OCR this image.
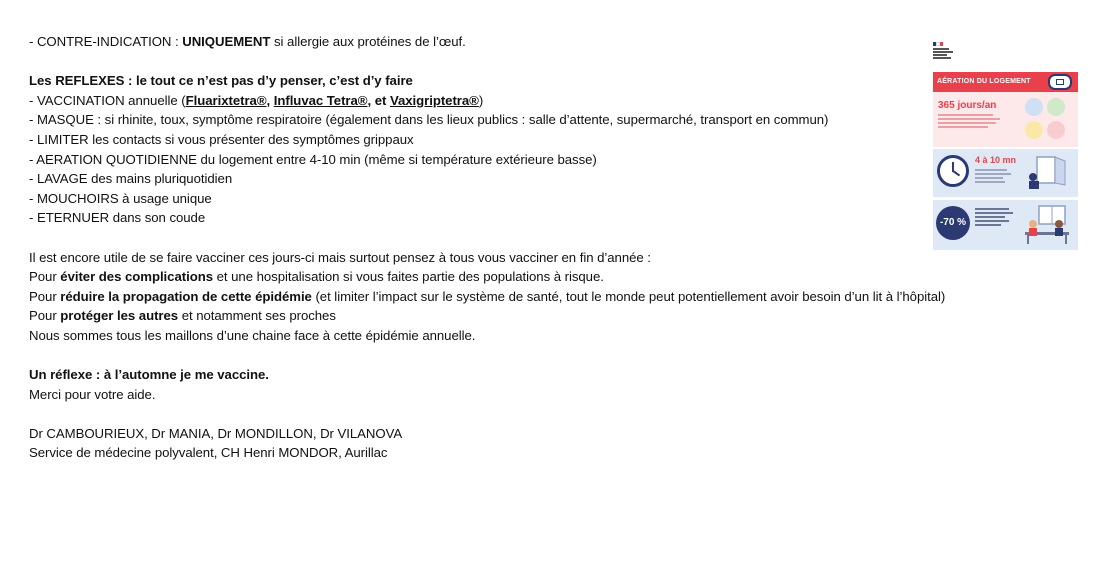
- CONTRE-INDICATION : UNIQUEMENT si allergie aux protéines de l’œuf.
Les REFLEXES : le tout ce n’est pas d’y penser, c’est d’y faire
- VACCINATION annuelle (Fluarixtetra®, Influvac Tetra®, et Vaxigriptetra®)
- MASQUE : si rhinite, toux, symptôme respiratoire (également dans les lieux publics : salle d’attente, supermarché, transport en commun)
- LIMITER les contacts si vous présenter des symptômes grippaux
- AERATION QUOTIDIENNE du logement entre 4-10 min (même si température extérieure basse)
- LAVAGE des mains pluriquotidien
- MOUCHOIRS à usage unique
- ETERNUER dans son coude
Il est encore utile de se faire vacciner ces jours-ci mais surtout pensez à tous vous vacciner en fin d’année :
Pour éviter des complications et une hospitalisation si vous faites partie des populations à risque.
Pour réduire la propagation de cette épidémie (et limiter l’impact sur le système de santé, tout le monde peut potentiellement avoir besoin d’un lit à l’hôpital)
Pour protéger les autres et notamment ses proches
Nous sommes tous les maillons d’une chaine face à cette épidémie annuelle.
Un réflexe : à l’automne je me vaccine.
Merci pour votre aide.
Dr CAMBOURIEUX, Dr MANIA, Dr MONDILLON, Dr VILANOVA
Service de médecine polyvalent, CH Henri MONDOR, Aurillac
AÉRATION DU LOGEMENT
365 jours/an
4 à 10 mn
-70 %
